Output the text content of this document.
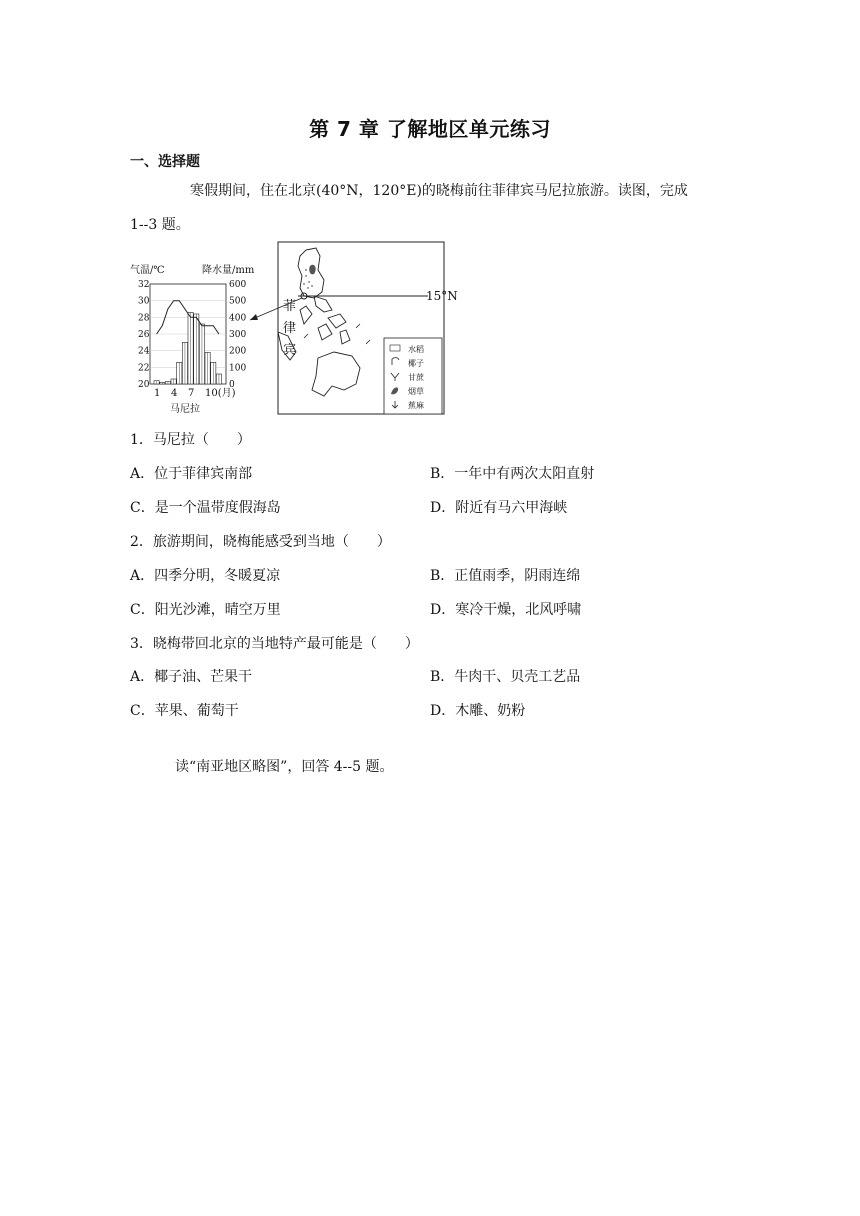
第 7 章 了解地区单元练习
一、选择题
寒假期间，住在北京(40°N，120°E)的晓梅前往菲律宾马尼拉旅游。读图，完成
1--3 题。
气温/℃	降水量/mm
32
30
28
26
24
22
20
600
500
400
300
200
100
0
1 4 7 10(月)
马尼拉
菲
律
宾
15°N
水稻
椰子
甘蔗
烟草
蕉麻
1．马尼拉（　　）
A．位于菲律宾南部	B．一年中有两次太阳直射
C．是一个温带度假海岛	D．附近有马六甲海峡
2．旅游期间，晓梅能感受到当地（　　）
A．四季分明，冬暖夏凉	B．正值雨季，阴雨连绵
C．阳光沙滩，晴空万里	D．寒冷干燥，北风呼啸
3．晓梅带回北京的当地特产最可能是（　　）
A．椰子油、芒果干	B．牛肉干、贝壳工艺品
C．苹果、葡萄干	D．木雕、奶粉
读“南亚地区略图”，回答 4--5 题。
